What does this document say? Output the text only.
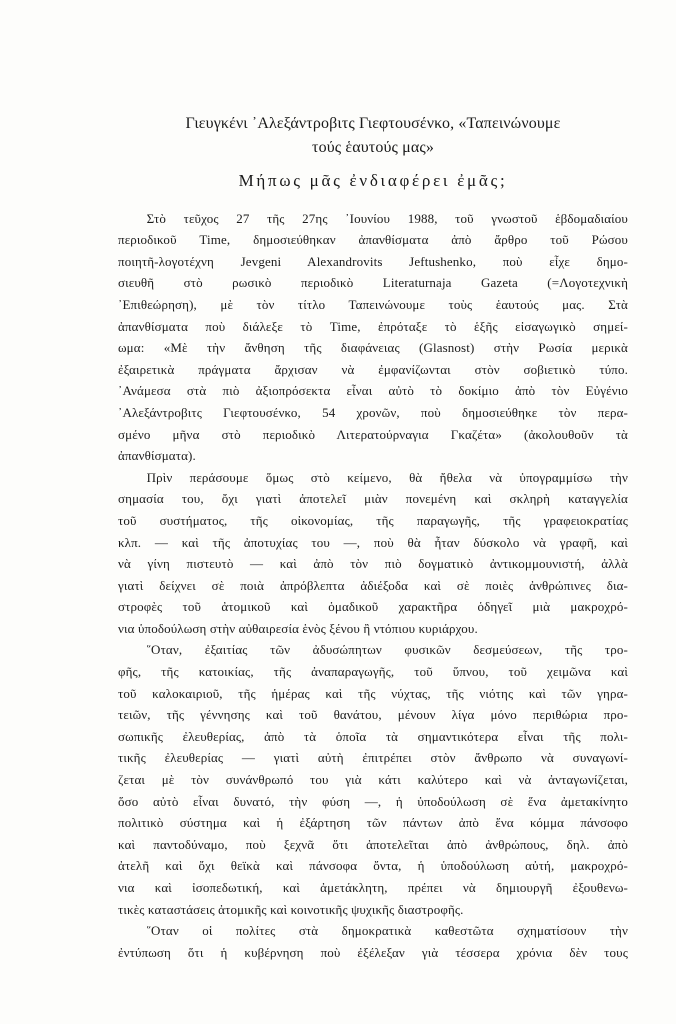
Γιευγκένι ᾿Αλεξάντροβιτς Γιεφτουσένκο, «Ταπεινώνουμε
τούς ἑαυτούς μας»
Μήπως μᾶς ἐνδιαφέρει ἐμᾶς;
Στὸ τεῦχος 27 τῆς 27ης ᾿Ιουνίου 1988, τοῦ γνωστοῦ ἑβδομαδιαίου
περιοδικοῦ Time, δημοσιεύθηκαν ἀπανθίσματα ἀπὸ ἄρθρο τοῦ Ρώσου
ποιητῆ-λογοτέχνη Jevgeni Alexandrovits Jeftushenko, ποὺ εἶχε δημο-
σιευθῆ στὸ ρωσικὸ περιοδικὸ Literaturnaja Gazeta (=Λογοτεχνικὴ
᾿Επιθεώρηση), μὲ τὸν τίτλο Ταπεινώνουμε τοὺς ἑαυτούς μας. Στὰ
ἀπανθίσματα ποὺ διάλεξε τὸ Time, ἐπρόταξε τὸ ἑξῆς εἰσαγωγικὸ σημεί-
ωμα: «Μὲ τὴν ἄνθηση τῆς διαφάνειας (Glasnost) στὴν Ρωσία μερικὰ
ἐξαιρετικὰ πράγματα ἄρχισαν νὰ ἐμφανίζωνται στὸν σοβιετικὸ τύπο.
᾿Ανάμεσα στὰ πιὸ ἀξιοπρόσεκτα εἶναι αὐτὸ τὸ δοκίμιο ἀπὸ τὸν Εὐγένιο
᾿Αλεξάντροβιτς Γιεφτουσένκο, 54 χρονῶν, ποὺ δημοσιεύθηκε τὸν περα-
σμένο μῆνα στὸ περιοδικὸ Λιτερατούρναγια Γκαζέτα» (ἀκολουθοῦν τὰ
ἀπανθίσματα).
Πρὶν περάσουμε ὅμως στὸ κείμενο, θὰ ἤθελα νὰ ὑπογραμμίσω τὴν
σημασία του, ὄχι γιατὶ ἀποτελεῖ μιὰν πονεμένη καὶ σκληρὴ καταγγελία
τοῦ συστήματος, τῆς οἰκονομίας, τῆς παραγωγῆς, τῆς γραφειοκρατίας
κλπ. — καὶ τῆς ἀποτυχίας του —, ποὺ θὰ ἦταν δύσκολο νὰ γραφῆ, καὶ
νὰ γίνη πιστευτὸ — καὶ ἀπὸ τὸν πιὸ δογματικὸ ἀντικομμουνιστή, ἀλλὰ
γιατὶ δείχνει σὲ ποιὰ ἀπρόβλεπτα ἀδιέξοδα καὶ σὲ ποιὲς ἀνθρώπινες δια-
στροφὲς τοῦ ἀτομικοῦ καὶ ὁμαδικοῦ χαρακτῆρα ὁδηγεῖ μιὰ μακροχρό-
νια ὑποδούλωση στὴν αὐθαιρεσία ἑνὸς ξένου ἢ ντόπιου κυριάρχου.
῞Οταν, ἐξαιτίας τῶν ἀδυσώπητων φυσικῶν δεσμεύσεων, τῆς τρο-
φῆς, τῆς κατοικίας, τῆς ἀναπαραγωγῆς, τοῦ ὕπνου, τοῦ χειμῶνα καὶ
τοῦ καλοκαιριοῦ, τῆς ἡμέρας καὶ τῆς νύχτας, τῆς νιότης καὶ τῶν γηρα-
τειῶν, τῆς γέννησης καὶ τοῦ θανάτου, μένουν λίγα μόνο περιθώρια προ-
σωπικῆς ἐλευθερίας, ἀπὸ τὰ ὁποῖα τὰ σημαντικότερα εἶναι τῆς πολι-
τικῆς ἐλευθερίας — γιατὶ αὐτὴ ἐπιτρέπει στὸν ἄνθρωπο νὰ συναγωνί-
ζεται μὲ τὸν συνάνθρωπό του γιὰ κάτι καλύτερο καὶ νὰ ἀνταγωνίζεται,
ὅσο αὐτὸ εἶναι δυνατό, τὴν φύση —, ἡ ὑποδούλωση σὲ ἕνα ἀμετακίνητο
πολιτικὸ σύστημα καὶ ἡ ἐξάρτηση τῶν πάντων ἀπὸ ἕνα κόμμα πάνσοφο
καὶ παντοδύναμο, ποὺ ξεχνᾶ ὅτι ἀποτελεῖται ἀπὸ ἀνθρώπους, δηλ. ἀπὸ
ἀτελῆ καὶ ὄχι θεϊκὰ καὶ πάνσοφα ὄντα, ἡ ὑποδούλωση αὐτή, μακροχρό-
νια καὶ ἰσοπεδωτική, καὶ ἀμετάκλητη, πρέπει νὰ δημιουργῆ ἐξουθενω-
τικὲς καταστάσεις ἀτομικῆς καὶ κοινοτικῆς ψυχικῆς διαστροφῆς.
῞Οταν οἱ πολίτες στὰ δημοκρατικὰ καθεστῶτα σχηματίσουν τὴν
ἐντύπωση ὅτι ἡ κυβέρνηση ποὺ ἐξέλεξαν γιὰ τέσσερα χρόνια δὲν τους
